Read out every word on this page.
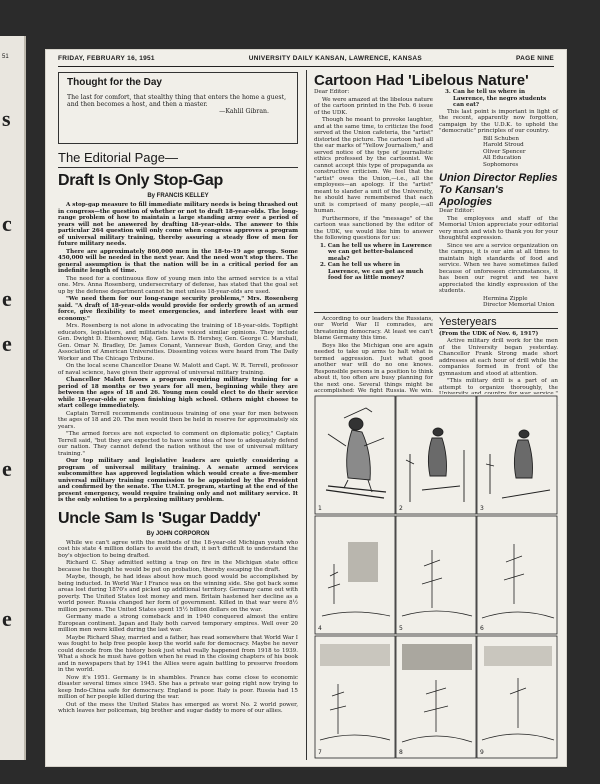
51
s
c
e
e
e
e
FRIDAY, FEBRUARY 16, 1951	UNIVERSITY DAILY KANSAN, LAWRENCE, KANSAS	PAGE NINE
Thought for the Day

The last for comfort, that stealthy thing that enters the home a guest, and then becomes a host, and then a master.

—Kahlil Gibran.

The Editorial Page—
Draft Is Only Stop-Gap
By FRANCIS KELLEY

A stop-gap measure to fill immediate military needs is being thrashed out in congress—the question of whether or not to draft 18-year-olds. The long-range problem of how to maintain a large standing army over a period of years will not be answered by drafting 18-year-olds. The answer to this particular 264 question will only come when congress approves a program of universal military training, thereby assuring a steady flow of men for future military needs.

There are approximately 860,000 men in the 18-to-19 age group. Some 450,000 will be needed in the next year. And the need won't stop there. The general assumption is that the nation will be in a critical period for an indefinite length of time.

The need for a continuous flow of young men into the armed service is a vital one. Mrs. Anna Rosenberg, undersecretary of defense, has stated that the goal set up by the defense department cannot be met unless 18-year-olds are used.

"We need them for our long-range security problems," Mrs. Rosenberg said. "A draft of 18-year-olds would provide for orderly growth of an armed force, give flexibility to meet emergencies, and interfere least with our economy."

Mrs. Rosenberg is not alone in advocating the training of 18-year-olds. Topflight educators, legislators, and militarists have voiced similar opinions. They include Gen. Dwight D. Eisenhower, Maj. Gen. Lewis B. Hershey, Gen. George C. Marshall, Gen. Omar N. Bradley, Dr. James Conant, Vannevar Bush, Gordon Gray, and the Association of American Universities. Dissenting voices were heard from The Daily Worker and The Chicago Tribune.

On the local scene Chancellor Deane W. Malott and Capt. W. R. Terrell, professor of naval science, have given their approval of universal military training.

Chancellor Malott favors a program requiring military training for a period of 18 months or two years for all men, beginning while they are between the ages of 18 and 26. Young men could elect to do their service while 18-year-olds or upon finishing high school. Others might choose to start college immediately.

Captain Terrell recommends continuous training of one year for men between the ages of 18 and 20. The men would then be held in reserve for approximately six years.

"The armed forces are not expected to comment on diplomatic policy," Captain Terrell said, "but they are expected to have some idea of how to adequately defend our nation. They cannot defend the nation without the use of universal military training."

Our top military and legislative leaders are quietly considering a program of universal military training. A senate armed services subcommittee has approved legislation which would create a five-member universal military training commission to be appointed by the President and confirmed by the senate. The U.M.T. program, starting at the end of the present emergency, would require training only and not military service. It is the only solution to a perplexing military problem.

Uncle Sam Is 'Sugar Daddy'
By JOHN CORPORON

While we can't agree with the methods of the 18-year-old Michigan youth who cost his state 4 million dollars to avoid the draft, it isn't difficult to understand the boy's objection to being drafted.

Richard C. Shay admitted setting a trap on fire in the Michigan state office because he thought he would be put on probation, thereby escaping the draft.

Maybe, though, he had ideas about how much good would be accomplished by being inducted. In World War I France was on the winning side. She got back some areas lost during 1870's and picked up additional territory. Germany came out with poverty. The United States lost money and men. Britain hastened her decline as a world power. Russia changed her form of government. Killed in that war were 8½ million persons. The United States spent 15½ billion dollars on the war.

Germany made a strong comeback and in 1940 conquered almost the entire European continent. Japan and Italy both carved temporary empires. Well over 20 million men were killed during the last war.

Maybe Richard Shay, married and a father, has read somewhere that World War I was fought to help free people keep the world safe for democracy. Maybe he never could decode from the history book just what really happened from 1918 to 1939. What a shock he must have gotten when he read in the closing chapters of his book and in newspapers that by 1941 the Allies were again battling to preserve freedom in the world.

Now it's 1951. Germany is in shambles. France has come close to economic disaster several times since 1945. She has a private war going right now trying to keep Indo-China safe for democracy. England is poor. Italy is poor. Russia had 15 million of her people killed during the war.

Out of the mess the United States has emerged as worst No. 2 world power, which leaves her policeman, big brother and sugar daddy to more of our allies.

Cartoon Had 'Libelous Nature'

Dear Editor:

We were amazed at the libelous nature of the cartoon printed in the Feb. 6 issue of the UDK.

Though he meant to provoke laughter, and at the same time, to criticize the food served at the Union cafeteria, the "artist" distorted the picture. The cartoon had all the ear marks of "Yellow Journalism," and served notice of the type of journalistic ethics professed by the cartoonist. We cannot accept this type of propaganda as constructive criticism. We feel that the "artist" owes the Union,—i.e., all the employees—an apology. If the "artist" meant to slander a unit of the University, he should have remembered that each unit is comprised of many people,—all human.

Furthermore, if the "message" of the cartoon was sanctioned by the editor of the UDK, we would like him to answer the following questions for us:

1. Can he tell us where in Lawrence we can get better-balanced meals?
2. Can he tell us where in Lawrence, we can get as much food for as little money?
3. Can he tell us where in Lawrence, the negro students can eat?

This last point is important in light of the recent, apparently now forgotten, campaign by the U.D.K. to uphold the "democratic" principles of our country.

Bill Schuben
Harold Stroud
Oliver Spencer
All Education Sophomores
Union Director Replies To Kansan's Apologies

Dear Editor:

The employees and staff of the Memorial Union appreciate your editorial very much and wish to thank you for your thoughtful expression.

Since we are a service organization on the campus, it is our aim at all times to maintain high standards of food and service. When we have sometimes failed because of unforeseen circumstances, it has been our regret and we have appreciated the kindly expression of the students.

Hermina Zipple
Director Memorial Union

According to our leaders the Russians, our World War II comrades, are threatening democracy. At least we can't blame Germany this time.

Boys like the Michigan one are again needed to take up arms to halt what is termed aggression. Just what good another war will do no one knows. Responsible persons in a position to think about it, too often are busy planning for the next one. Several things might be accomplished: We fight Russia. We win.

Yesteryears

(From the UDK of Nov. 6, 1917)

Active military drill work for the men of the University began yesterday. Chancellor Frank Strong made short addresses at each hour of drill while the companies formed in front of the gymnasium and stood at attention.

"This military drill is a part of an attempt to organize thoroughly, the

1	2	3
4	5	6
7	8	9
